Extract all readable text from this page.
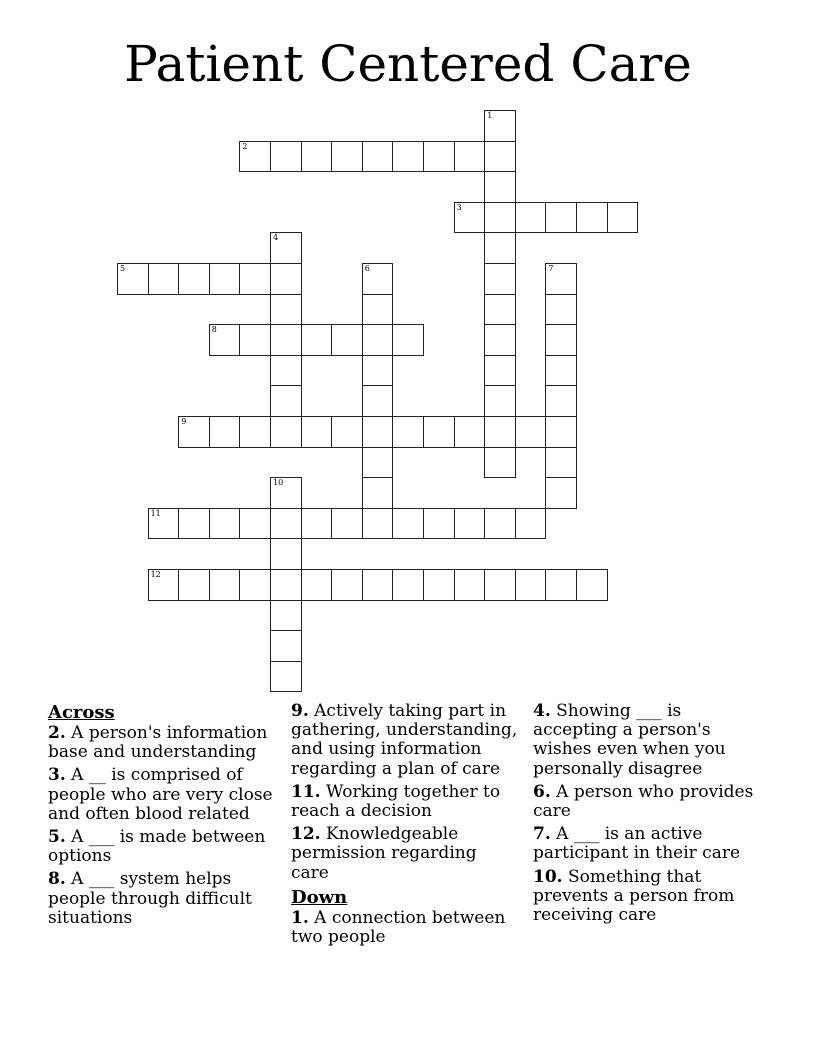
Patient Centered Care
1
2
3
4
5	6	7
8
9
10
11
12
Across
2. A person's information base and understanding
3. A __ is comprised of people who are very close and often blood related
5. A ___ is made between options
8. A ___ system helps people through difficult situations
9. Actively taking part in gathering, understanding, and using information regarding a plan of care
11. Working together to reach a decision
12. Knowledgeable permission regarding care
Down
1. A connection between two people
4. Showing ___ is accepting a person's wishes even when you personally disagree
6. A person who provides care
7. A ___ is an active participant in their care
10. Something that prevents a person from receiving care
